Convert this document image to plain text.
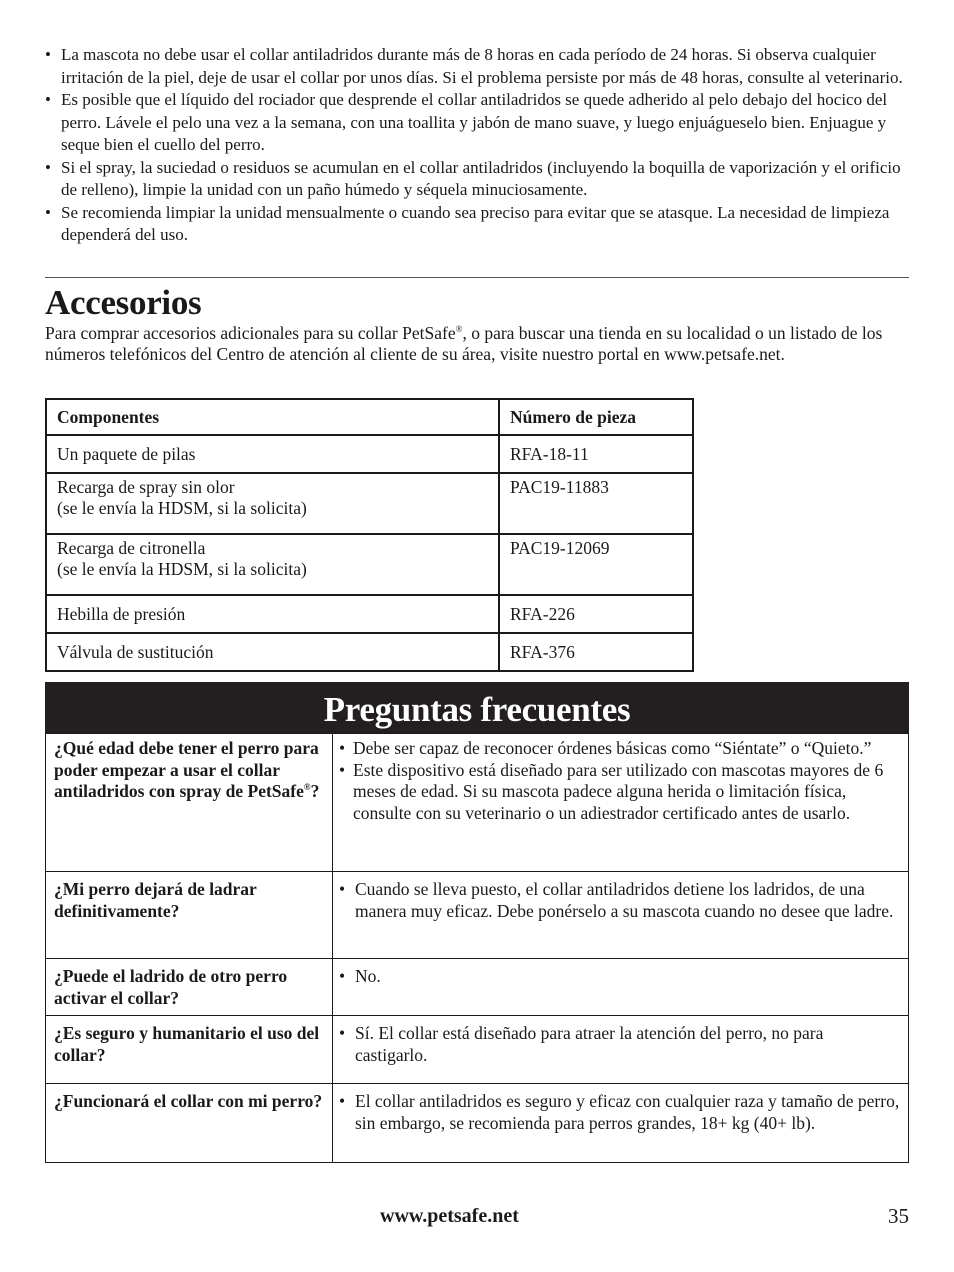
• La mascota no debe usar el collar antiladridos durante más de 8 horas en cada período de 24 horas. Si observa cualquier irritación de la piel, deje de usar el collar por unos días. Si el problema persiste por más de 48 horas, consulte al veterinario.
• Es posible que el líquido del rociador que desprende el collar antiladridos se quede adherido al pelo debajo del hocico del perro. Lávele el pelo una vez a la semana, con una toallita y jabón de mano suave, y luego enjuágueselo bien. Enjuague y seque bien el cuello del perro.
• Si el spray, la suciedad o residuos se acumulan en el collar antiladridos (incluyendo la boquilla de vaporización y el orificio de relleno), limpie la unidad con un paño húmedo y séquela minuciosamente.
• Se recomienda limpiar la unidad mensualmente o cuando sea preciso para evitar que se atasque. La necesidad de limpieza dependerá del uso.
Accesorios

Para comprar accesorios adicionales para su collar PetSafe®, o para buscar una tienda en su localidad o un listado de los números telefónicos del Centro de atención al cliente de su área, visite nuestro portal en www.petsafe.net.

Componentes	Número de pieza
Un paquete de pilas	RFA-18-11
Recarga de spray sin olor
(se le envía la HDSM, si la solicita)	PAC19-11883
Recarga de citronella
(se le envía la HDSM, si la solicita)	PAC19-12069
Hebilla de presión	RFA-226
Válvula de sustitución	RFA-376
Preguntas frecuentes
¿Qué edad debe tener el perro para poder empezar a usar el collar antiladridos con spray de PetSafe®?	• Debe ser capaz de reconocer órdenes básicas como “Siéntate” o “Quieto.”
• Este dispositivo está diseñado para ser utilizado con mascotas mayores de 6 meses de edad. Si su mascota padece alguna herida o limitación física, consulte con su veterinario o un adiestrador certificado antes de usarlo.

¿Mi perro dejará de ladrar definitivamente?	• Cuando se lleva puesto, el collar antiladridos detiene los ladridos, de una manera muy eficaz. Debe ponérselo a su mascota cuando no desee que ladre.

¿Puede el ladrido de otro perro activar el collar?	• No.

¿Es seguro y humanitario el uso del collar?	• Sí. El collar está diseñado para atraer la atención del perro, no para castigarlo.

¿Funcionará el collar con mi perro?	• El collar antiladridos es seguro y eficaz con cualquier raza y tamaño de perro, sin embargo, se recomienda para perros grandes, 18+ kg (40+ lb).
www.petsafe.net	35
